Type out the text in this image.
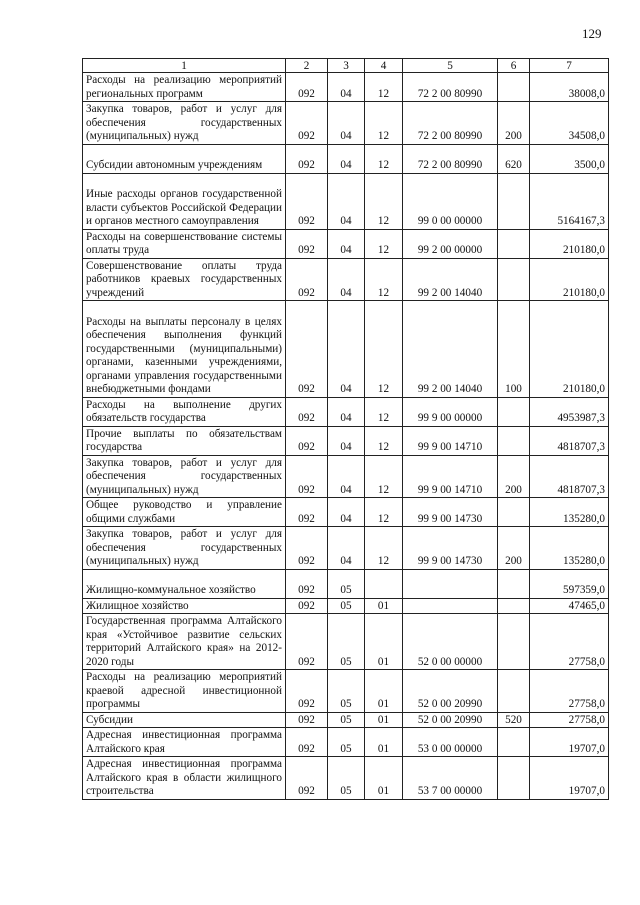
129
1	2	3	4	5	6	7
Расходы на реализацию мероприятий региональных программ	092	04	12	72 2 00 80990		38008,0
Закупка товаров, работ и услуг для обеспечения государственных (муниципальных) нужд	092	04	12	72 2 00 80990	200	34508,0
Субсидии автономным учреждениям	092	04	12	72 2 00 80990	620	3500,0
Иные расходы органов государственной власти субъектов Российской Федерации и органов местного самоуправления	092	04	12	99 0 00 00000		5164167,3
Расходы на совершенствование системы оплаты труда	092	04	12	99 2 00 00000		210180,0
Совершенствование оплаты труда работников краевых государственных учреждений	092	04	12	99 2 00 14040		210180,0
Расходы на выплаты персоналу в целях обеспечения выполнения функций государственными (муниципальными) органами, казенными учреждениями, органами управления государственными внебюджетными фондами	092	04	12	99 2 00 14040	100	210180,0
Расходы на выполнение других обязательств государства	092	04	12	99 9 00 00000		4953987,3
Прочие выплаты по обязательствам государства	092	04	12	99 9 00 14710		4818707,3
Закупка товаров, работ и услуг для обеспечения государственных (муниципальных) нужд	092	04	12	99 9 00 14710	200	4818707,3
Общее руководство и управление общими службами	092	04	12	99 9 00 14730		135280,0
Закупка товаров, работ и услуг для обеспечения государственных (муниципальных) нужд	092	04	12	99 9 00 14730	200	135280,0
Жилищно-коммунальное хозяйство	092	05				597359,0
Жилищное хозяйство	092	05	01			47465,0
Государственная программа Алтайского края «Устойчивое развитие сельских территорий Алтайского края» на 2012-2020 годы	092	05	01	52 0 00 00000		27758,0
Расходы на реализацию мероприятий краевой адресной инвестиционной программы	092	05	01	52 0 00 20990		27758,0
Субсидии	092	05	01	52 0 00 20990	520	27758,0
Адресная инвестиционная программа Алтайского края	092	05	01	53 0 00 00000		19707,0
Адресная инвестиционная программа Алтайского края в области жилищного строительства	092	05	01	53 7 00 00000		19707,0
